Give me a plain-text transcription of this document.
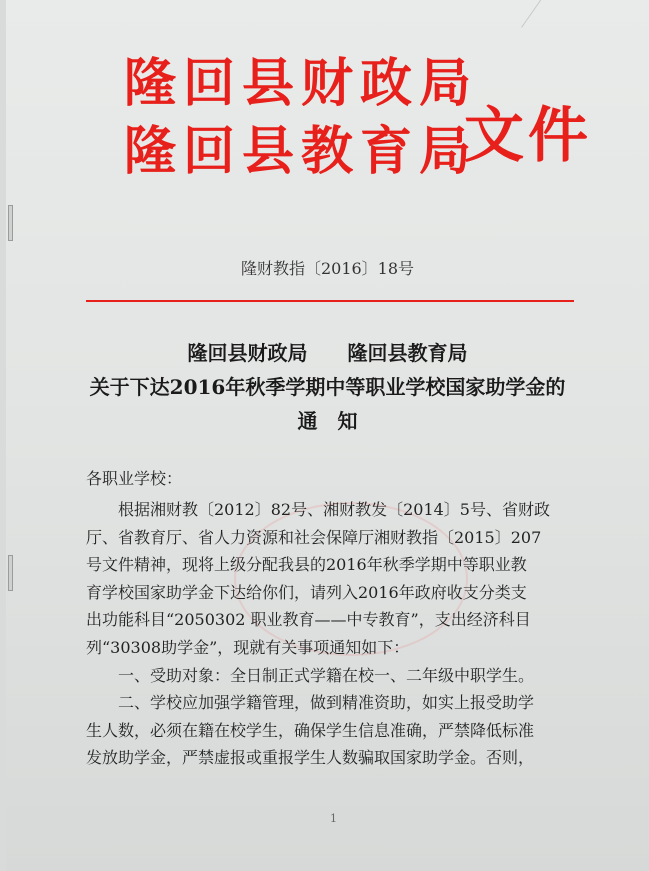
隆回县财政局
隆回县教育局
文件
隆财教指〔2016〕18号
隆回县财政局　　隆回县教育局
关于下达2016年秋季学期中等职业学校国家助学金的
通　知
各职业学校：
　　根据湘财教〔2012〕82号、湘财教发〔2014〕5号、省财政
厅、省教育厅、省人力资源和社会保障厅湘财教指〔2015〕207
号文件精神，现将上级分配我县的2016年秋季学期中等职业教
育学校国家助学金下达给你们，请列入2016年政府收支分类支
出功能科目“2050302 职业教育——中专教育”，支出经济科目
列“30308助学金”，现就有关事项通知如下：
　　一、受助对象：全日制正式学籍在校一、二年级中职学生。
　　二、学校应加强学籍管理，做到精准资助，如实上报受助学
生人数，必须在籍在校学生，确保学生信息准确，严禁降低标准
发放助学金，严禁虚报或重报学生人数骗取国家助学金。否则，
1
